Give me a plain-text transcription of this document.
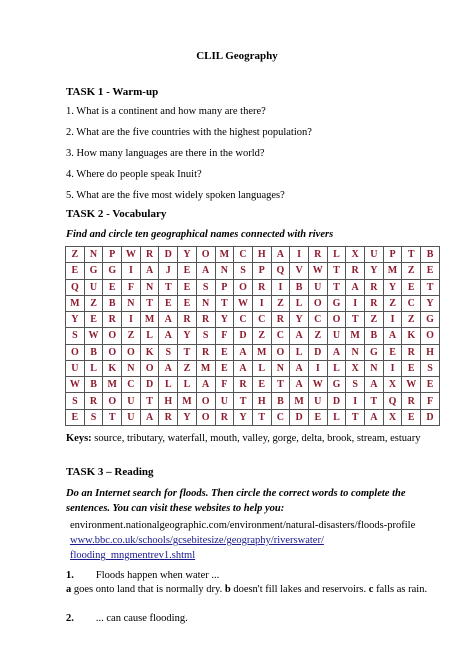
CLIL Geography
TASK 1 - Warm-up
1. What is a continent and how many are there?
2. What are the five countries with the highest population?
3. How many languages are there in the world?
4. Where do people speak Inuit?
5. What are the five most widely spoken languages?
TASK 2 - Vocabulary
Find and circle ten geographical names connected with rivers
Z	N	P	W	R	D	Y	O	M	C	H	A	I	R	L	X	U	P	T	B
E	G	G	I	A	J	E	A	N	S	P	Q	V	W	T	R	Y	M	Z	E
Q	U	E	F	N	T	E	S	P	O	R	I	B	U	T	A	R	Y	E	T
M	Z	B	N	T	E	E	N	T	W	I	Z	L	O	G	I	R	Z	C	Y
Y	E	R	I	M	A	R	R	Y	C	C	R	Y	C	O	T	Z	I	Z	G
S	W	O	Z	L	A	Y	S	F	D	Z	C	A	Z	U	M	B	A	K	O
O	B	O	O	K	S	T	R	E	A	M	O	L	D	A	N	G	E	R	H
U	L	K	N	O	A	Z	M	E	A	L	N	A	I	L	X	N	I	E	S
W	B	M	C	D	L	L	A	F	R	E	T	A	W	G	S	A	X	W	E
S	R	O	U	T	H	M	O	U	T	H	B	M	U	D	I	T	Q	R	F
E	S	T	U	A	R	Y	O	R	Y	T	C	D	E	L	T	A	X	E	D
Keys: source, tributary, waterfall, mouth, valley, gorge, delta, brook, stream, estuary
TASK 3 – Reading
Do an Internet search for floods. Then circle the correct words to complete the sentences. You can visit these websites to help you:
environment.nationalgeographic.com/environment/natural-disasters/floods-profile
www.bbc.co.uk/schools/gcsebitesize/geography/riverswater/
flooding_mngmentrev1.shtml
1. Floods happen when water ...
a goes onto land that is normally dry. b doesn't fill lakes and reservoirs. c falls as rain.
2. ... can cause flooding.
